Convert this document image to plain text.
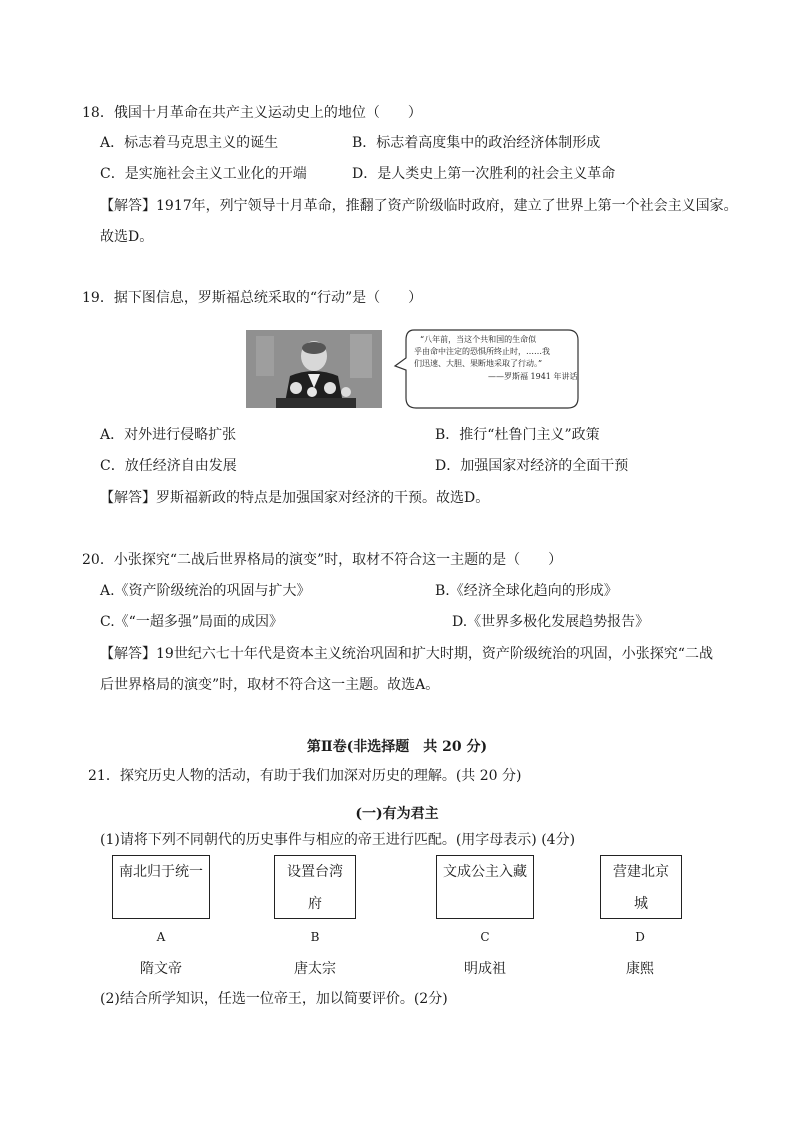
18．俄国十月革命在共产主义运动史上的地位（　　）
A．标志着马克思主义的诞生	B．标志着高度集中的政治经济体制形成
C．是实施社会主义工业化的开端	D．是人类史上第一次胜利的社会主义革命
【解答】1917年，列宁领导十月革命，推翻了资产阶级临时政府，建立了世界上第一个社会主义国家。
故选D。
19．据下图信息，罗斯福总统采取的“行动”是（　　）
“八年前，当这个共和国的生命似
乎由命中注定的恐惧所终止时，……我
们迅速、大胆、果断地采取了行动。”
——罗斯福 1941 年讲话
A．对外进行侵略扩张	B．推行“杜鲁门主义”政策
C．放任经济自由发展	D．加强国家对经济的全面干预
【解答】罗斯福新政的特点是加强国家对经济的干预。故选D。
20．小张探究“二战后世界格局的演变”时，取材不符合这一主题的是（　　）
A.《资产阶级统治的巩固与扩大》	B.《经济全球化趋向的形成》
C.《“一超多强”局面的成因》	D.《世界多极化发展趋势报告》
【解答】19世纪六七十年代是资本主义统治巩固和扩大时期，资产阶级统治的巩固，小张探究“二战
后世界格局的演变”时，取材不符合这一主题。故选A。
第Ⅱ卷(非选择题　共 20 分)
21．探究历史人物的活动，有助于我们加深对历史的理解。(共 20 分)
(一)有为君主
(1)请将下列不同朝代的历史事件与相应的帝王进行匹配。(用字母表示) (4分)
南北归于统一	设置台湾
府
文成公主入藏	营建北京
城
A	B	C	D
隋文帝	唐太宗	明成祖	康熙
(2)结合所学知识，任选一位帝王，加以简要评价。(2分)
